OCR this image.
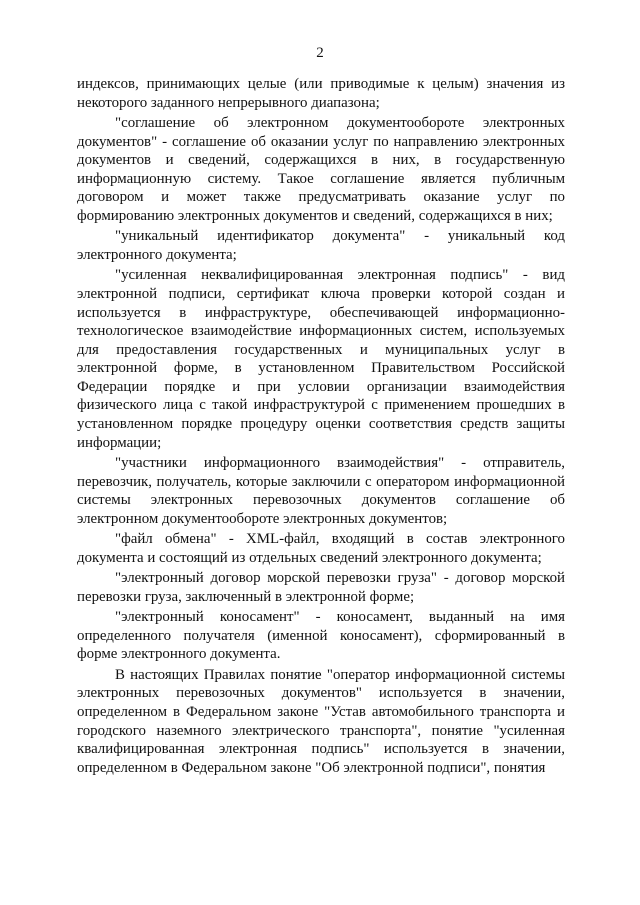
2

индексов, принимающих целые (или приводимые к целым) значения из некоторого заданного непрерывного диапазона;

"соглашение об электронном документообороте электронных документов" - соглашение об оказании услуг по направлению электронных документов и сведений, содержащихся в них, в государственную информационную систему. Такое соглашение является публичным договором и может также предусматривать оказание услуг по формированию электронных документов и сведений, содержащихся в них;

"уникальный идентификатор документа" - уникальный код электронного документа;

"усиленная неквалифицированная электронная подпись" - вид электронной подписи, сертификат ключа проверки которой создан и используется в инфраструктуре, обеспечивающей информационно-технологическое взаимодействие информационных систем, используемых для предоставления государственных и муниципальных услуг в электронной форме, в установленном Правительством Российской Федерации порядке и при условии организации взаимодействия физического лица с такой инфраструктурой с применением прошедших в установленном порядке процедуру оценки соответствия средств защиты информации;

"участники информационного взаимодействия" - отправитель, перевозчик, получатель, которые заключили с оператором информационной системы электронных перевозочных документов соглашение об электронном документообороте электронных документов;

"файл обмена" - XML-файл, входящий в состав электронного документа и состоящий из отдельных сведений электронного документа;

"электронный договор морской перевозки груза" - договор морской перевозки груза, заключенный в электронной форме;

"электронный коносамент" - коносамент, выданный на имя определенного получателя (именной коносамент), сформированный в форме электронного документа.

В настоящих Правилах понятие "оператор информационной системы электронных перевозочных документов" используется в значении, определенном в Федеральном законе "Устав автомобильного транспорта и городского наземного электрического транспорта", понятие "усиленная квалифицированная электронная подпись" используется в значении, определенном в Федеральном законе "Об электронной подписи", понятия
